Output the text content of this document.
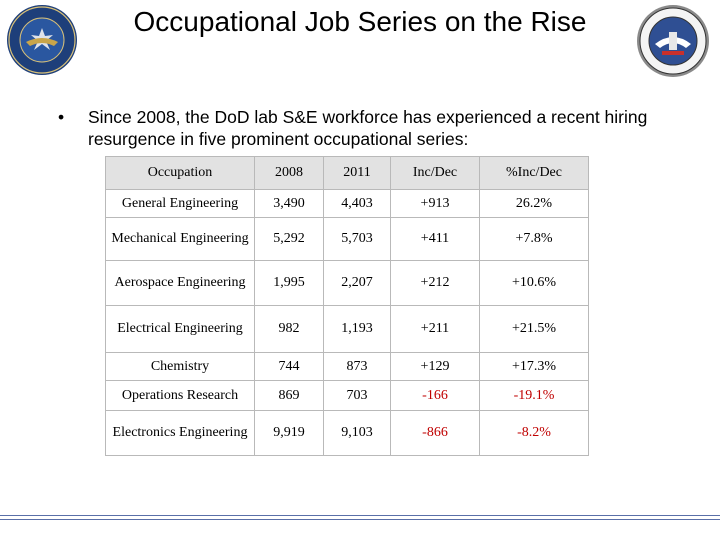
Occupational Job Series on the Rise
•	Since 2008, the DoD lab S&E workforce has experienced a recent hiring resurgence in five prominent occupational series:
Occupation	2008	2011	Inc/Dec	%Inc/Dec
General Engineering	3,490	4,403	+913	26.2%
Mechanical Engineering	5,292	5,703	+411	+7.8%
Aerospace Engineering	1,995	2,207	+212	+10.6%
Electrical Engineering	982	1,193	+211	+21.5%
Chemistry	744	873	+129	+17.3%
Operations Research	869	703	-166	-19.1%
Electronics Engineering	9,919	9,103	-866	-8.2%
